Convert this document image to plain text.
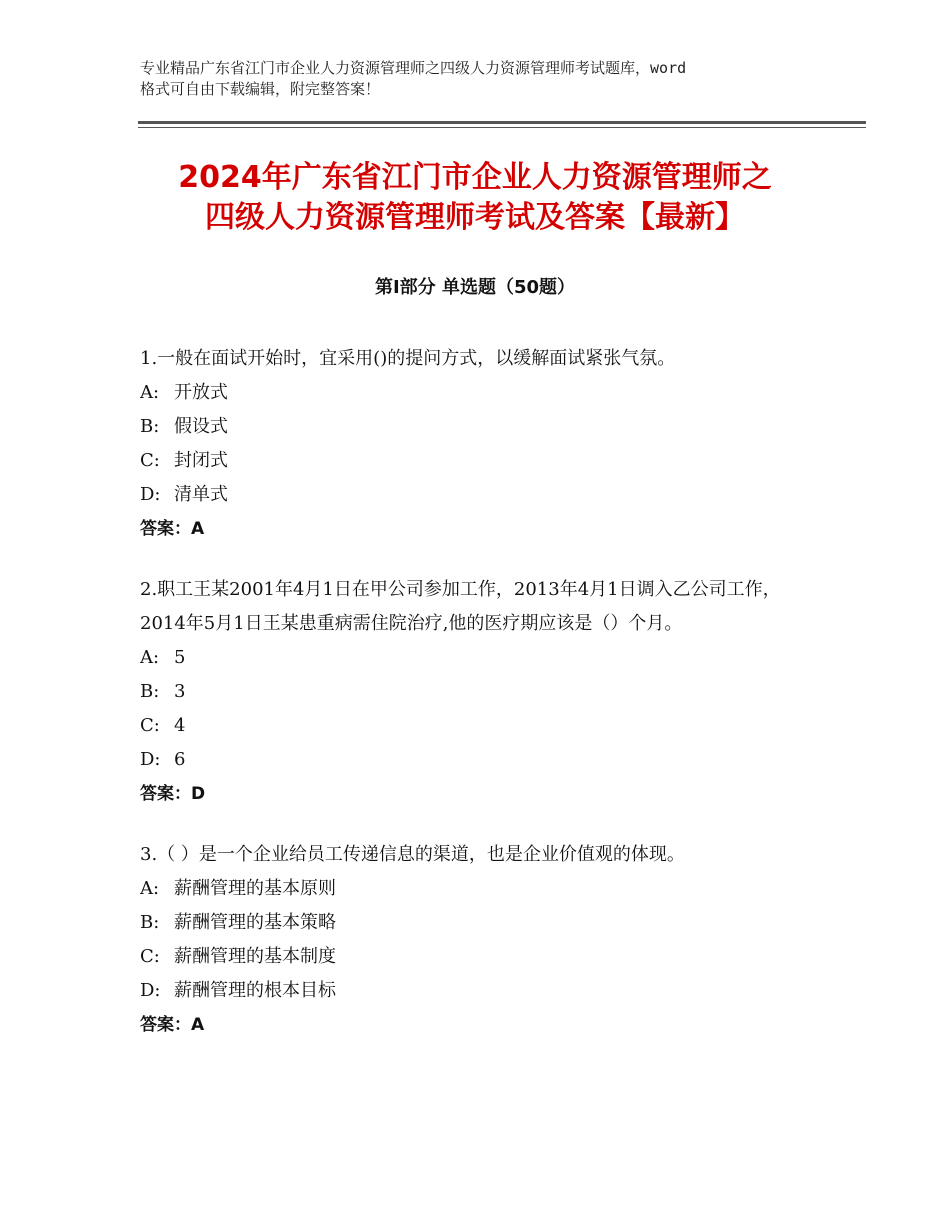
专业精品广东省江门市企业人力资源管理师之四级人力资源管理师考试题库，word
格式可自由下载编辑，附完整答案！
2024年广东省江门市企业人力资源管理师之
四级人力资源管理师考试及答案【最新】
第Ⅰ部分 单选题（50题）
1.一般在面试开始时，宜采用()的提问方式，以缓解面试紧张气氛。
A: 开放式
B: 假设式
C: 封闭式
D: 清单式
答案：A
2.职工王某2001年4月1日在甲公司参加工作，2013年4月1日调入乙公司工作，2014年5月1日王某患重病需住院治疗,他的医疗期应该是（）个月。
A: 5
B: 3
C: 4
D: 6
答案：D
3.（ ）是一个企业给员工传递信息的渠道，也是企业价值观的体现。
A: 薪酬管理的基本原则
B: 薪酬管理的基本策略
C: 薪酬管理的基本制度
D: 薪酬管理的根本目标
答案：A
